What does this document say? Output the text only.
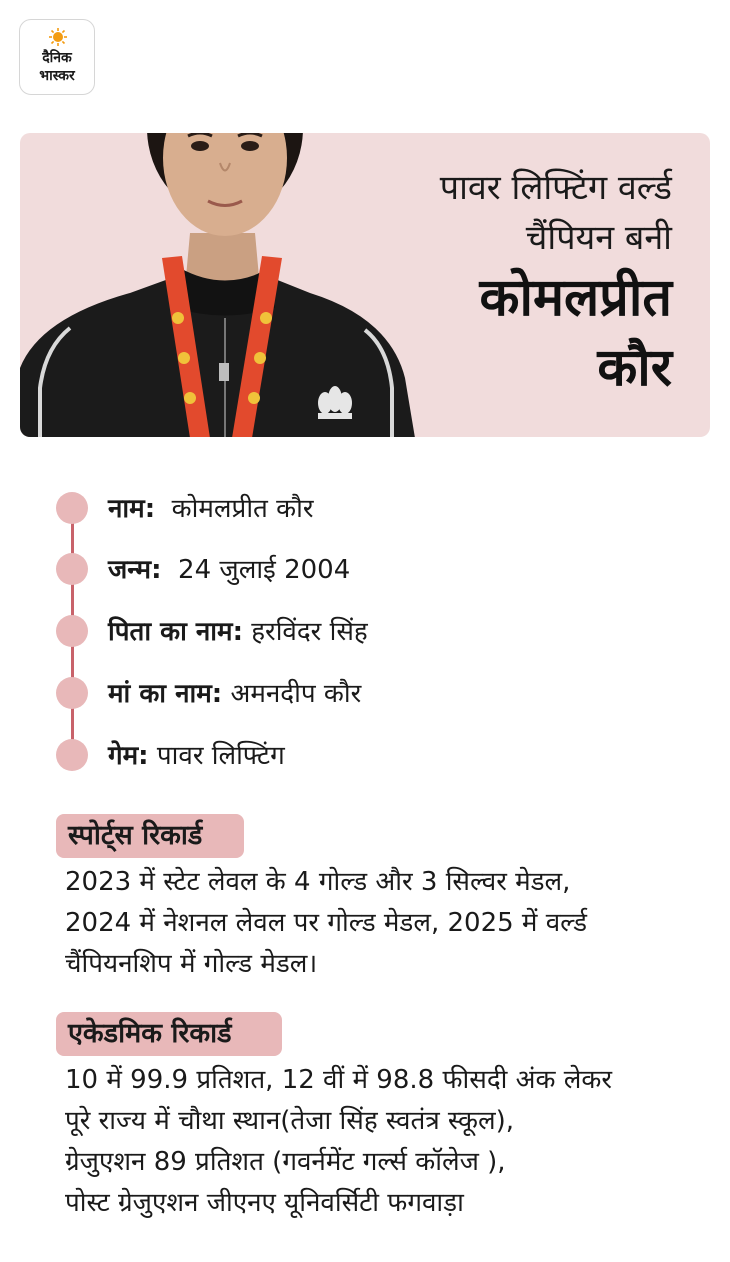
दैनिक
भास्कर
पावर लिफ्टिंग वर्ल्ड
चैंपियन बनी
कोमलप्रीत
कौर
नाम: कोमलप्रीत कौर
जन्म: 24 जुलाई 2004
पिता का नाम: हरविंदर सिंह
मां का नाम: अमनदीप कौर
गेम: पावर लिफ्टिंग
स्पोर्ट्स रिकार्ड
2023 में स्टेट लेवल के 4 गोल्ड और 3 सिल्वर मेडल,
2024 में नेशनल लेवल पर गोल्ड मेडल, 2025 में वर्ल्ड
चैंपियनशिप में गोल्ड मेडल।
एकेडमिक रिकार्ड
10 में 99.9 प्रतिशत, 12 वीं में 98.8 फीसदी अंक लेकर
पूरे राज्य में चौथा स्थान(तेजा सिंह स्वतंत्र स्कूल),
ग्रेजुएशन 89 प्रतिशत (गवर्नमेंट गर्ल्स कॉलेज ),
पोस्ट ग्रेजुएशन जीएनए यूनिवर्सिटी फगवाड़ा
